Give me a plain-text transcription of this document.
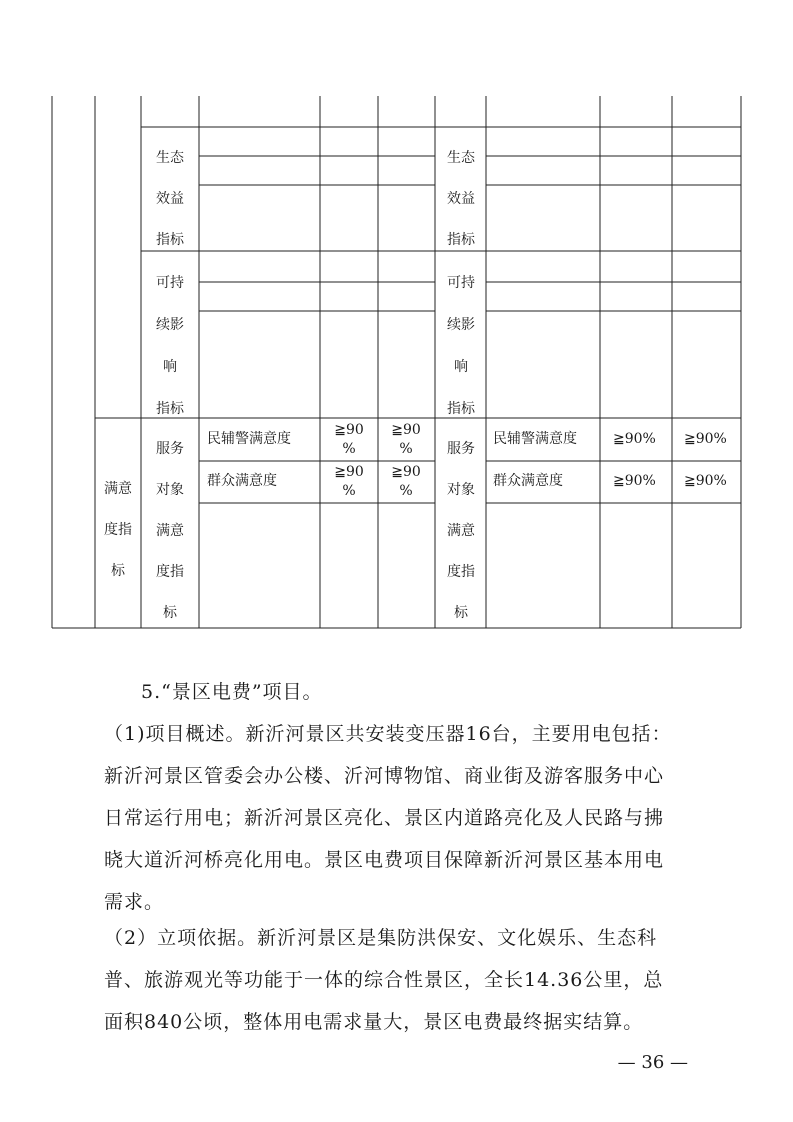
生态
效益
指标
生态
效益
指标
可持
续影
响
指标
可持
续影
响
指标
满意
度指
标
服务
对象
满意
度指
标
服务
对象
满意
度指
标
民辅警满意度
≧90
%
≧90
%
群众满意度
≧90
%
≧90
%
民辅警满意度	≧90% ≧90%
群众满意度	≧90% ≧90%
5.“景区电费”项目。
（1)项目概述。新沂河景区共安装变压器16台，主要用电包括：
新沂河景区管委会办公楼、沂河博物馆、商业街及游客服务中心
日常运行用电；新沂河景区亮化、景区内道路亮化及人民路与拂
晓大道沂河桥亮化用电。景区电费项目保障新沂河景区基本用电
需求。
（2）立项依据。新沂河景区是集防洪保安、文化娱乐、生态科
普、旅游观光等功能于一体的综合性景区，全长14.36公里，总
面积840公顷，整体用电需求量大，景区电费最终据实结算。
— 36 —
